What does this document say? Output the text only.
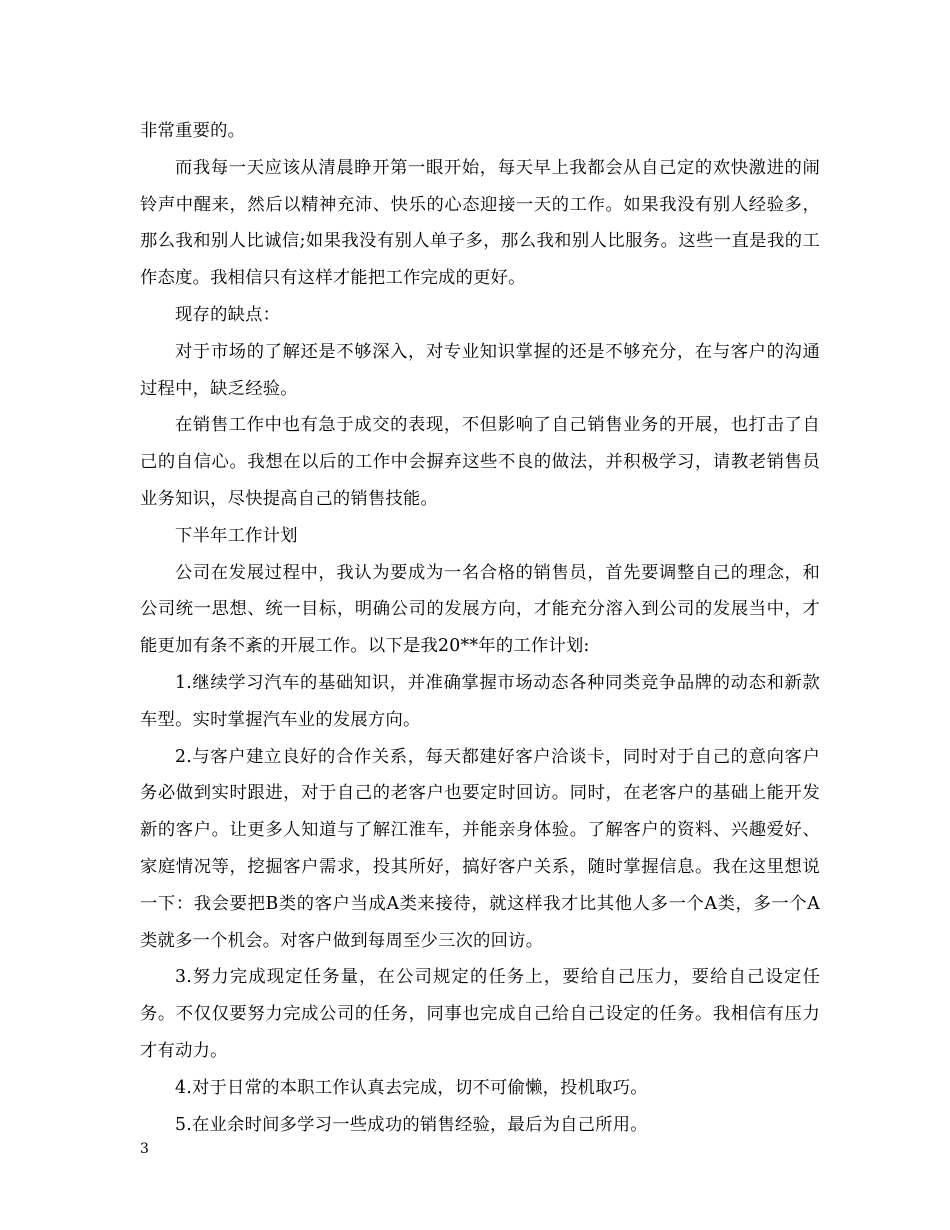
非常重要的。

而我每一天应该从清晨睁开第一眼开始，每天早上我都会从自己定的欢快激进的闹铃声中醒来，然后以精神充沛、快乐的心态迎接一天的工作。如果我没有别人经验多，那么我和别人比诚信;如果我没有别人单子多，那么我和别人比服务。这些一直是我的工作态度。我相信只有这样才能把工作完成的更好。

现存的缺点：

对于市场的了解还是不够深入，对专业知识掌握的还是不够充分，在与客户的沟通过程中，缺乏经验。

在销售工作中也有急于成交的表现，不但影响了自己销售业务的开展，也打击了自己的自信心。我想在以后的工作中会摒弃这些不良的做法，并积极学习，请教老销售员业务知识，尽快提高自己的销售技能。

下半年工作计划

公司在发展过程中，我认为要成为一名合格的销售员，首先要调整自己的理念，和公司统一思想、统一目标，明确公司的发展方向，才能充分溶入到公司的发展当中，才能更加有条不紊的开展工作。以下是我20**年的工作计划:

1.继续学习汽车的基础知识，并准确掌握市场动态各种同类竞争品牌的动态和新款车型。实时掌握汽车业的发展方向。

2.与客户建立良好的合作关系，每天都建好客户洽谈卡，同时对于自己的意向客户务必做到实时跟进，对于自己的老客户也要定时回访。同时，在老客户的基础上能开发新的客户。让更多人知道与了解江淮车，并能亲身体验。了解客户的资料、兴趣爱好、家庭情况等，挖掘客户需求，投其所好，搞好客户关系，随时掌握信息。我在这里想说一下：我会要把B类的客户当成A类来接待，就这样我才比其他人多一个A类，多一个A类就多一个机会。对客户做到每周至少三次的回访。

3.努力完成现定任务量，在公司规定的任务上，要给自己压力，要给自己设定任务。不仅仅要努力完成公司的任务，同事也完成自己给自己设定的任务。我相信有压力才有动力。

4.对于日常的本职工作认真去完成，切不可偷懒，投机取巧。

5.在业余时间多学习一些成功的销售经验，最后为自己所用。

3
